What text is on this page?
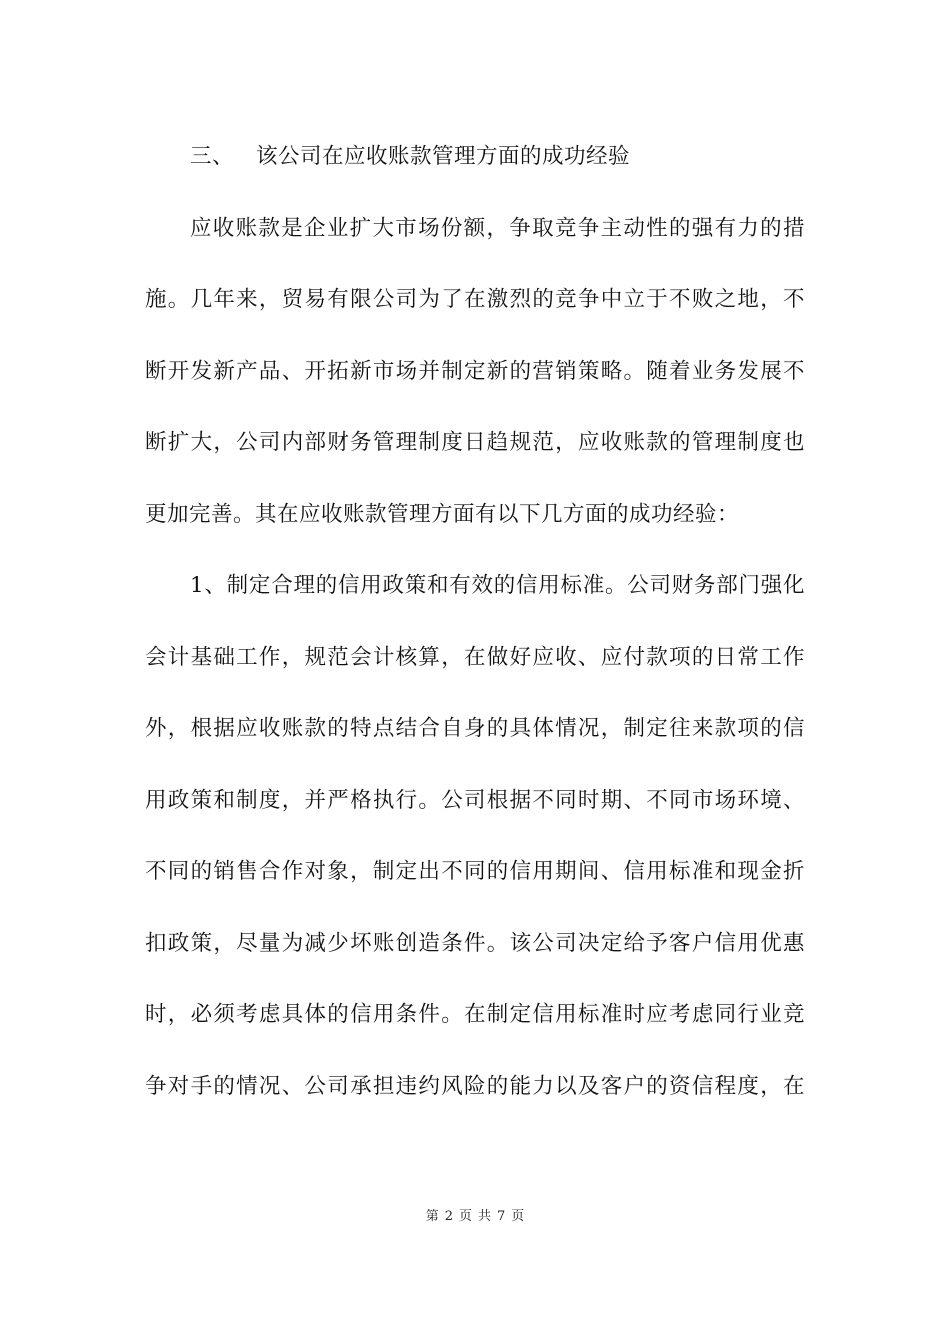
三、 该公司在应收账款管理方面的成功经验
应收账款是企业扩大市场份额，争取竞争主动性的强有力的措
施。几年来，贸易有限公司为了在激烈的竞争中立于不败之地，不
断开发新产品、开拓新市场并制定新的营销策略。随着业务发展不
断扩大，公司内部财务管理制度日趋规范，应收账款的管理制度也
更加完善。其在应收账款管理方面有以下几方面的成功经验：
1、制定合理的信用政策和有效的信用标准。公司财务部门强化
会计基础工作，规范会计核算，在做好应收、应付款项的日常工作
外，根据应收账款的特点结合自身的具体情况，制定往来款项的信
用政策和制度，并严格执行。公司根据不同时期、不同市场环境、
不同的销售合作对象，制定出不同的信用期间、信用标准和现金折
扣政策，尽量为减少坏账创造条件。该公司决定给予客户信用优惠
时，必须考虑具体的信用条件。在制定信用标准时应考虑同行业竞
争对手的情况、公司承担违约风险的能力以及客户的资信程度，在
第 2 页 共 7 页
